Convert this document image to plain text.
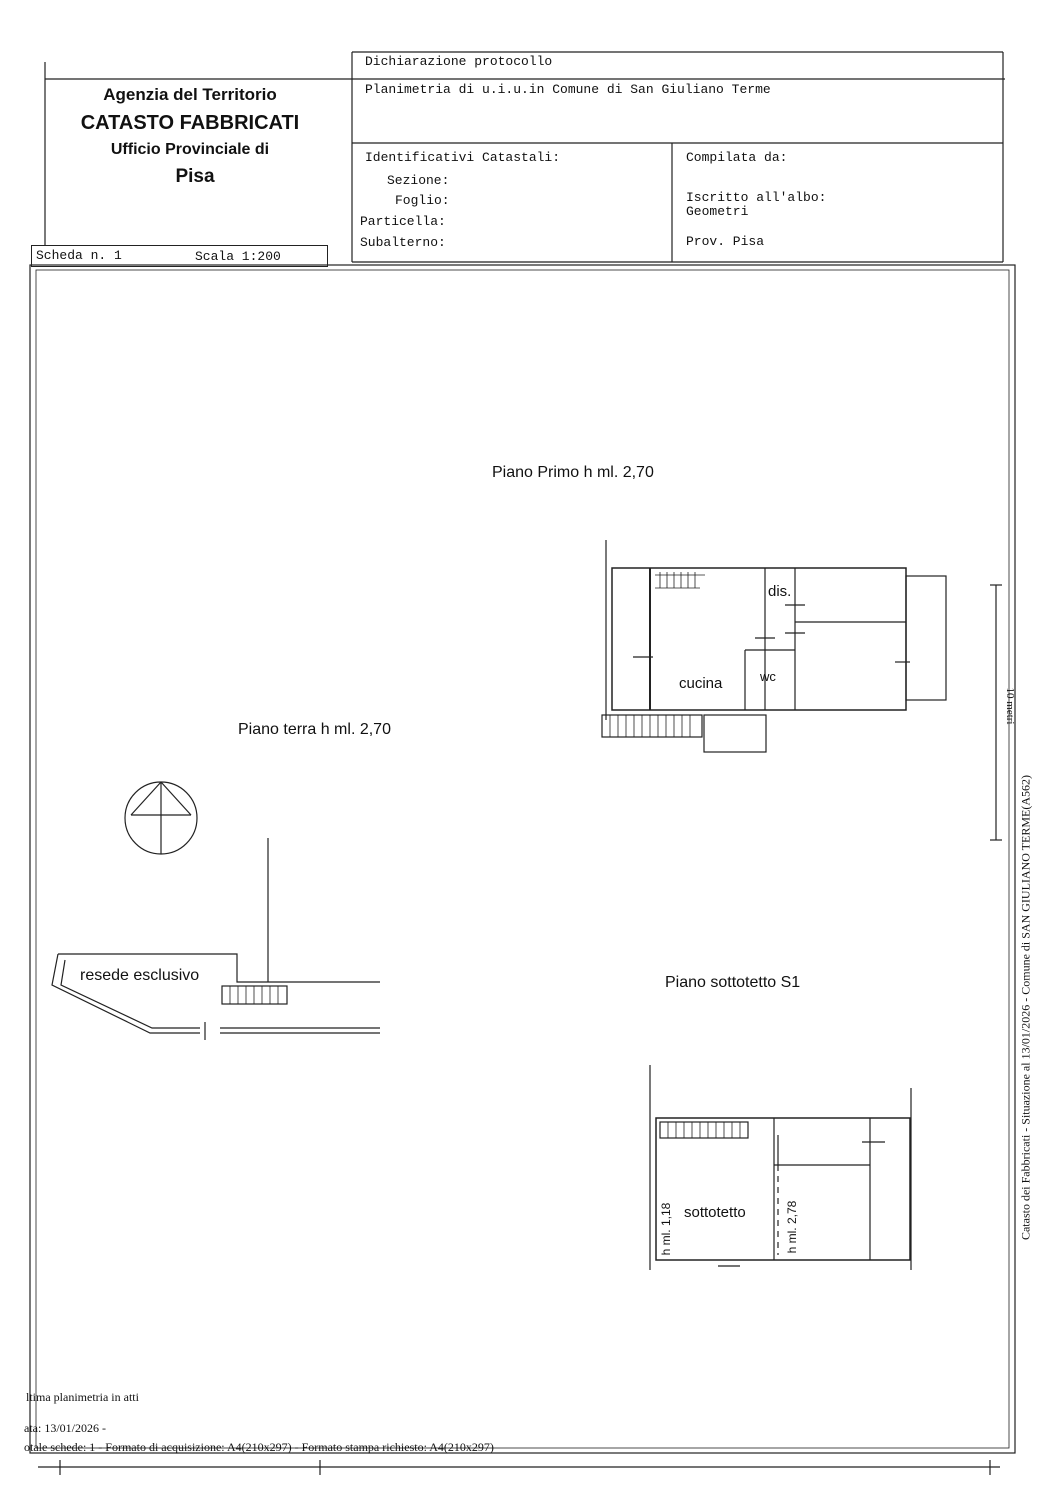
Agenzia del Territorio
CATASTO FABBRICATI
Ufficio Provinciale di
Pisa
Dichiarazione protocollo
Planimetria di u.i.u.in Comune di San Giuliano Terme
Identificativi Catastali:
Sezione:
Foglio:
Particella:
Subalterno:
Compilata da:
Iscritto all'albo:
Geometri
Prov. Pisa
Scheda n. 1	Scala 1:200
Piano Primo h ml. 2,70
Piano terra h ml. 2,70
Piano sottotetto S1
dis.
cucina	wc
resede esclusivo
sottotetto
h ml. 1,18	h ml. 2,78
10 metri
Catasto dei Fabbricati - Situazione al 13/01/2026 - Comune di SAN GIULIANO TERME(A562)
ltima planimetria in atti
ata: 13/01/2026 -
otale schede: 1 - Formato di acquisizione: A4(210x297) - Formato stampa richiesto: A4(210x297)
